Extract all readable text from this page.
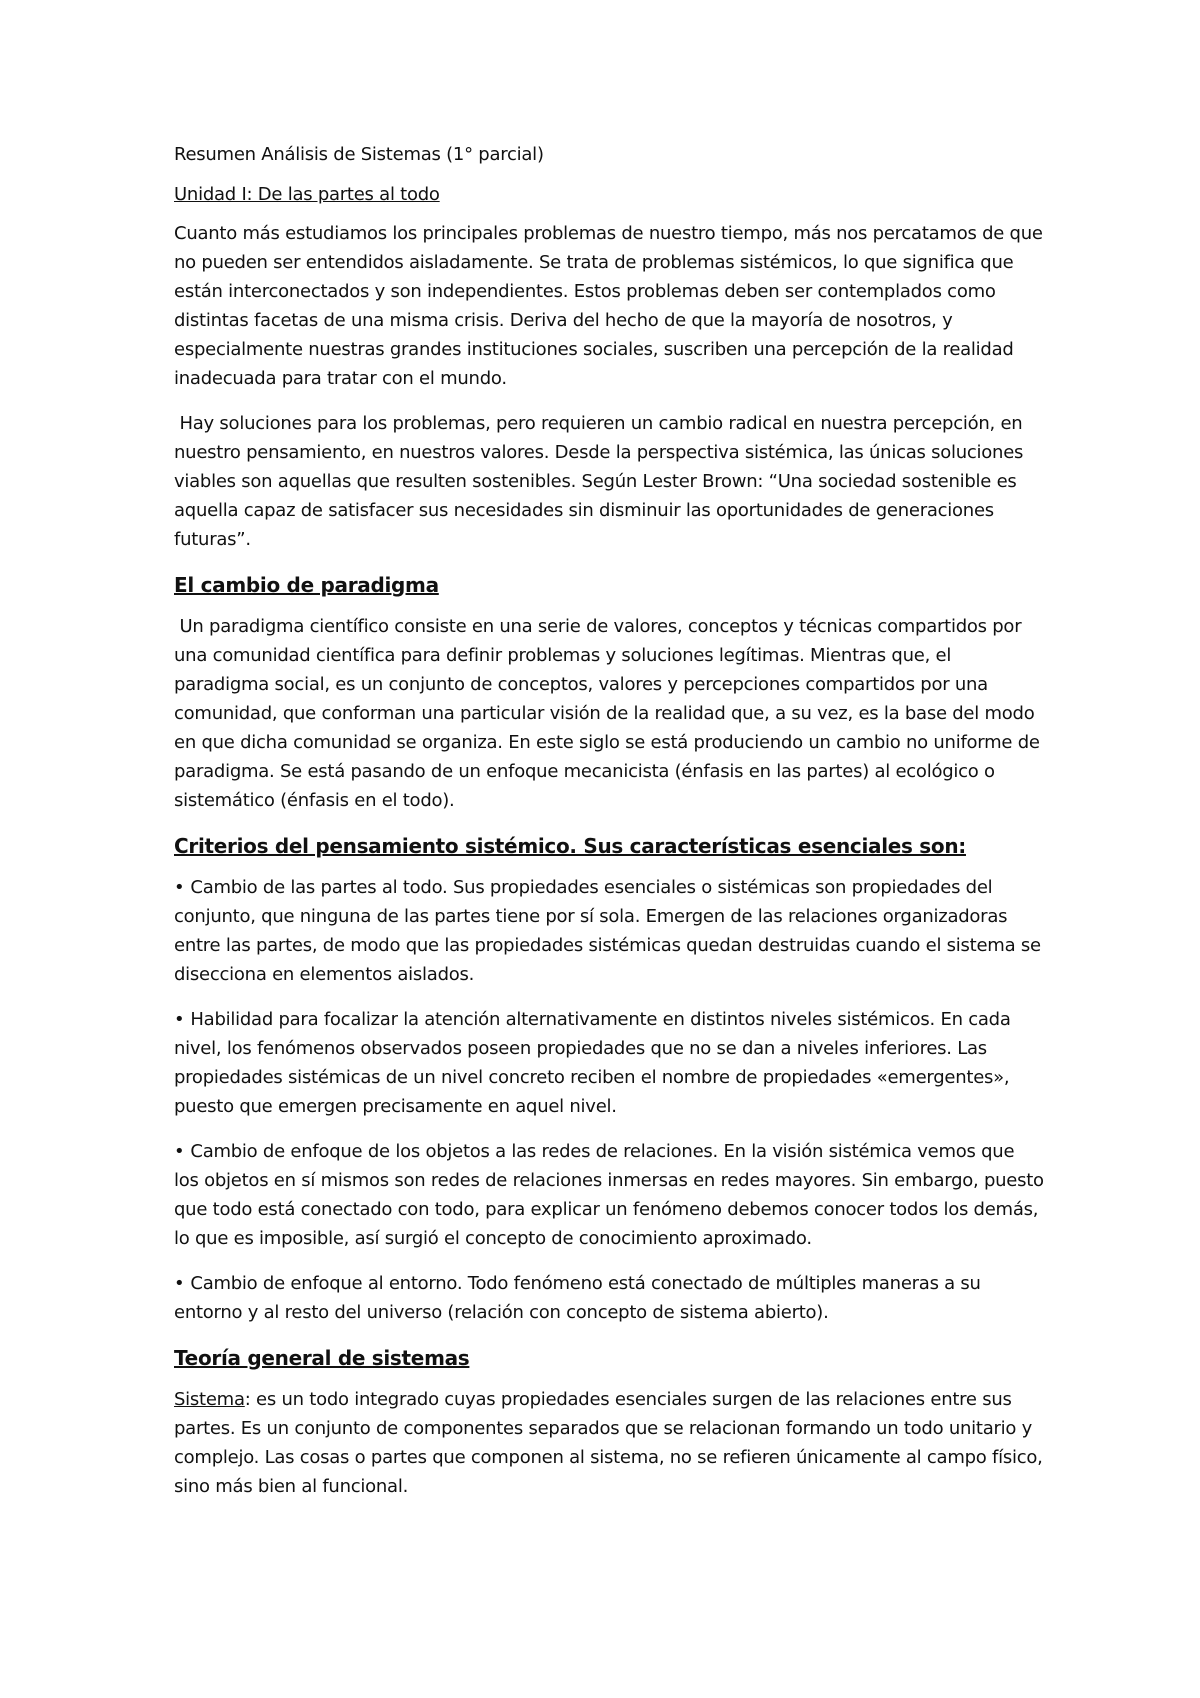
Resumen Análisis de Sistemas (1° parcial)

Unidad I: De las partes al todo

Cuanto más estudiamos los principales problemas de nuestro tiempo, más nos percatamos de que no pueden ser entendidos aisladamente. Se trata de problemas sistémicos, lo que significa que están interconectados y son independientes. Estos problemas deben ser contemplados como distintas facetas de una misma crisis. Deriva del hecho de que la mayoría de nosotros, y especialmente nuestras grandes instituciones sociales, suscriben una percepción de la realidad inadecuada para tratar con el mundo.

Hay soluciones para los problemas, pero requieren un cambio radical en nuestra percepción, en nuestro pensamiento, en nuestros valores. Desde la perspectiva sistémica, las únicas soluciones viables son aquellas que resulten sostenibles. Según Lester Brown: “Una sociedad sostenible es aquella capaz de satisfacer sus necesidades sin disminuir las oportunidades de generaciones futuras”.

El cambio de paradigma

Un paradigma científico consiste en una serie de valores, conceptos y técnicas compartidos por una comunidad científica para definir problemas y soluciones legítimas. Mientras que, el paradigma social, es un conjunto de conceptos, valores y percepciones compartidos por una comunidad, que conforman una particular visión de la realidad que, a su vez, es la base del modo en que dicha comunidad se organiza. En este siglo se está produciendo un cambio no uniforme de paradigma. Se está pasando de un enfoque mecanicista (énfasis en las partes) al ecológico o sistemático (énfasis en el todo).

Criterios del pensamiento sistémico. Sus características esenciales son:

• Cambio de las partes al todo. Sus propiedades esenciales o sistémicas son propiedades del conjunto, que ninguna de las partes tiene por sí sola. Emergen de las relaciones organizadoras entre las partes, de modo que las propiedades sistémicas quedan destruidas cuando el sistema se disecciona en elementos aislados.

• Habilidad para focalizar la atención alternativamente en distintos niveles sistémicos. En cada nivel, los fenómenos observados poseen propiedades que no se dan a niveles inferiores. Las propiedades sistémicas de un nivel concreto reciben el nombre de propiedades «emergentes», puesto que emergen precisamente en aquel nivel.

• Cambio de enfoque de los objetos a las redes de relaciones. En la visión sistémica vemos que los objetos en sí mismos son redes de relaciones inmersas en redes mayores. Sin embargo, puesto que todo está conectado con todo, para explicar un fenómeno debemos conocer todos los demás, lo que es imposible, así surgió el concepto de conocimiento aproximado.

• Cambio de enfoque al entorno. Todo fenómeno está conectado de múltiples maneras a su entorno y al resto del universo (relación con concepto de sistema abierto).

Teoría general de sistemas

Sistema: es un todo integrado cuyas propiedades esenciales surgen de las relaciones entre sus partes. Es un conjunto de componentes separados que se relacionan formando un todo unitario y complejo. Las cosas o partes que componen al sistema, no se refieren únicamente al campo físico, sino más bien al funcional.
